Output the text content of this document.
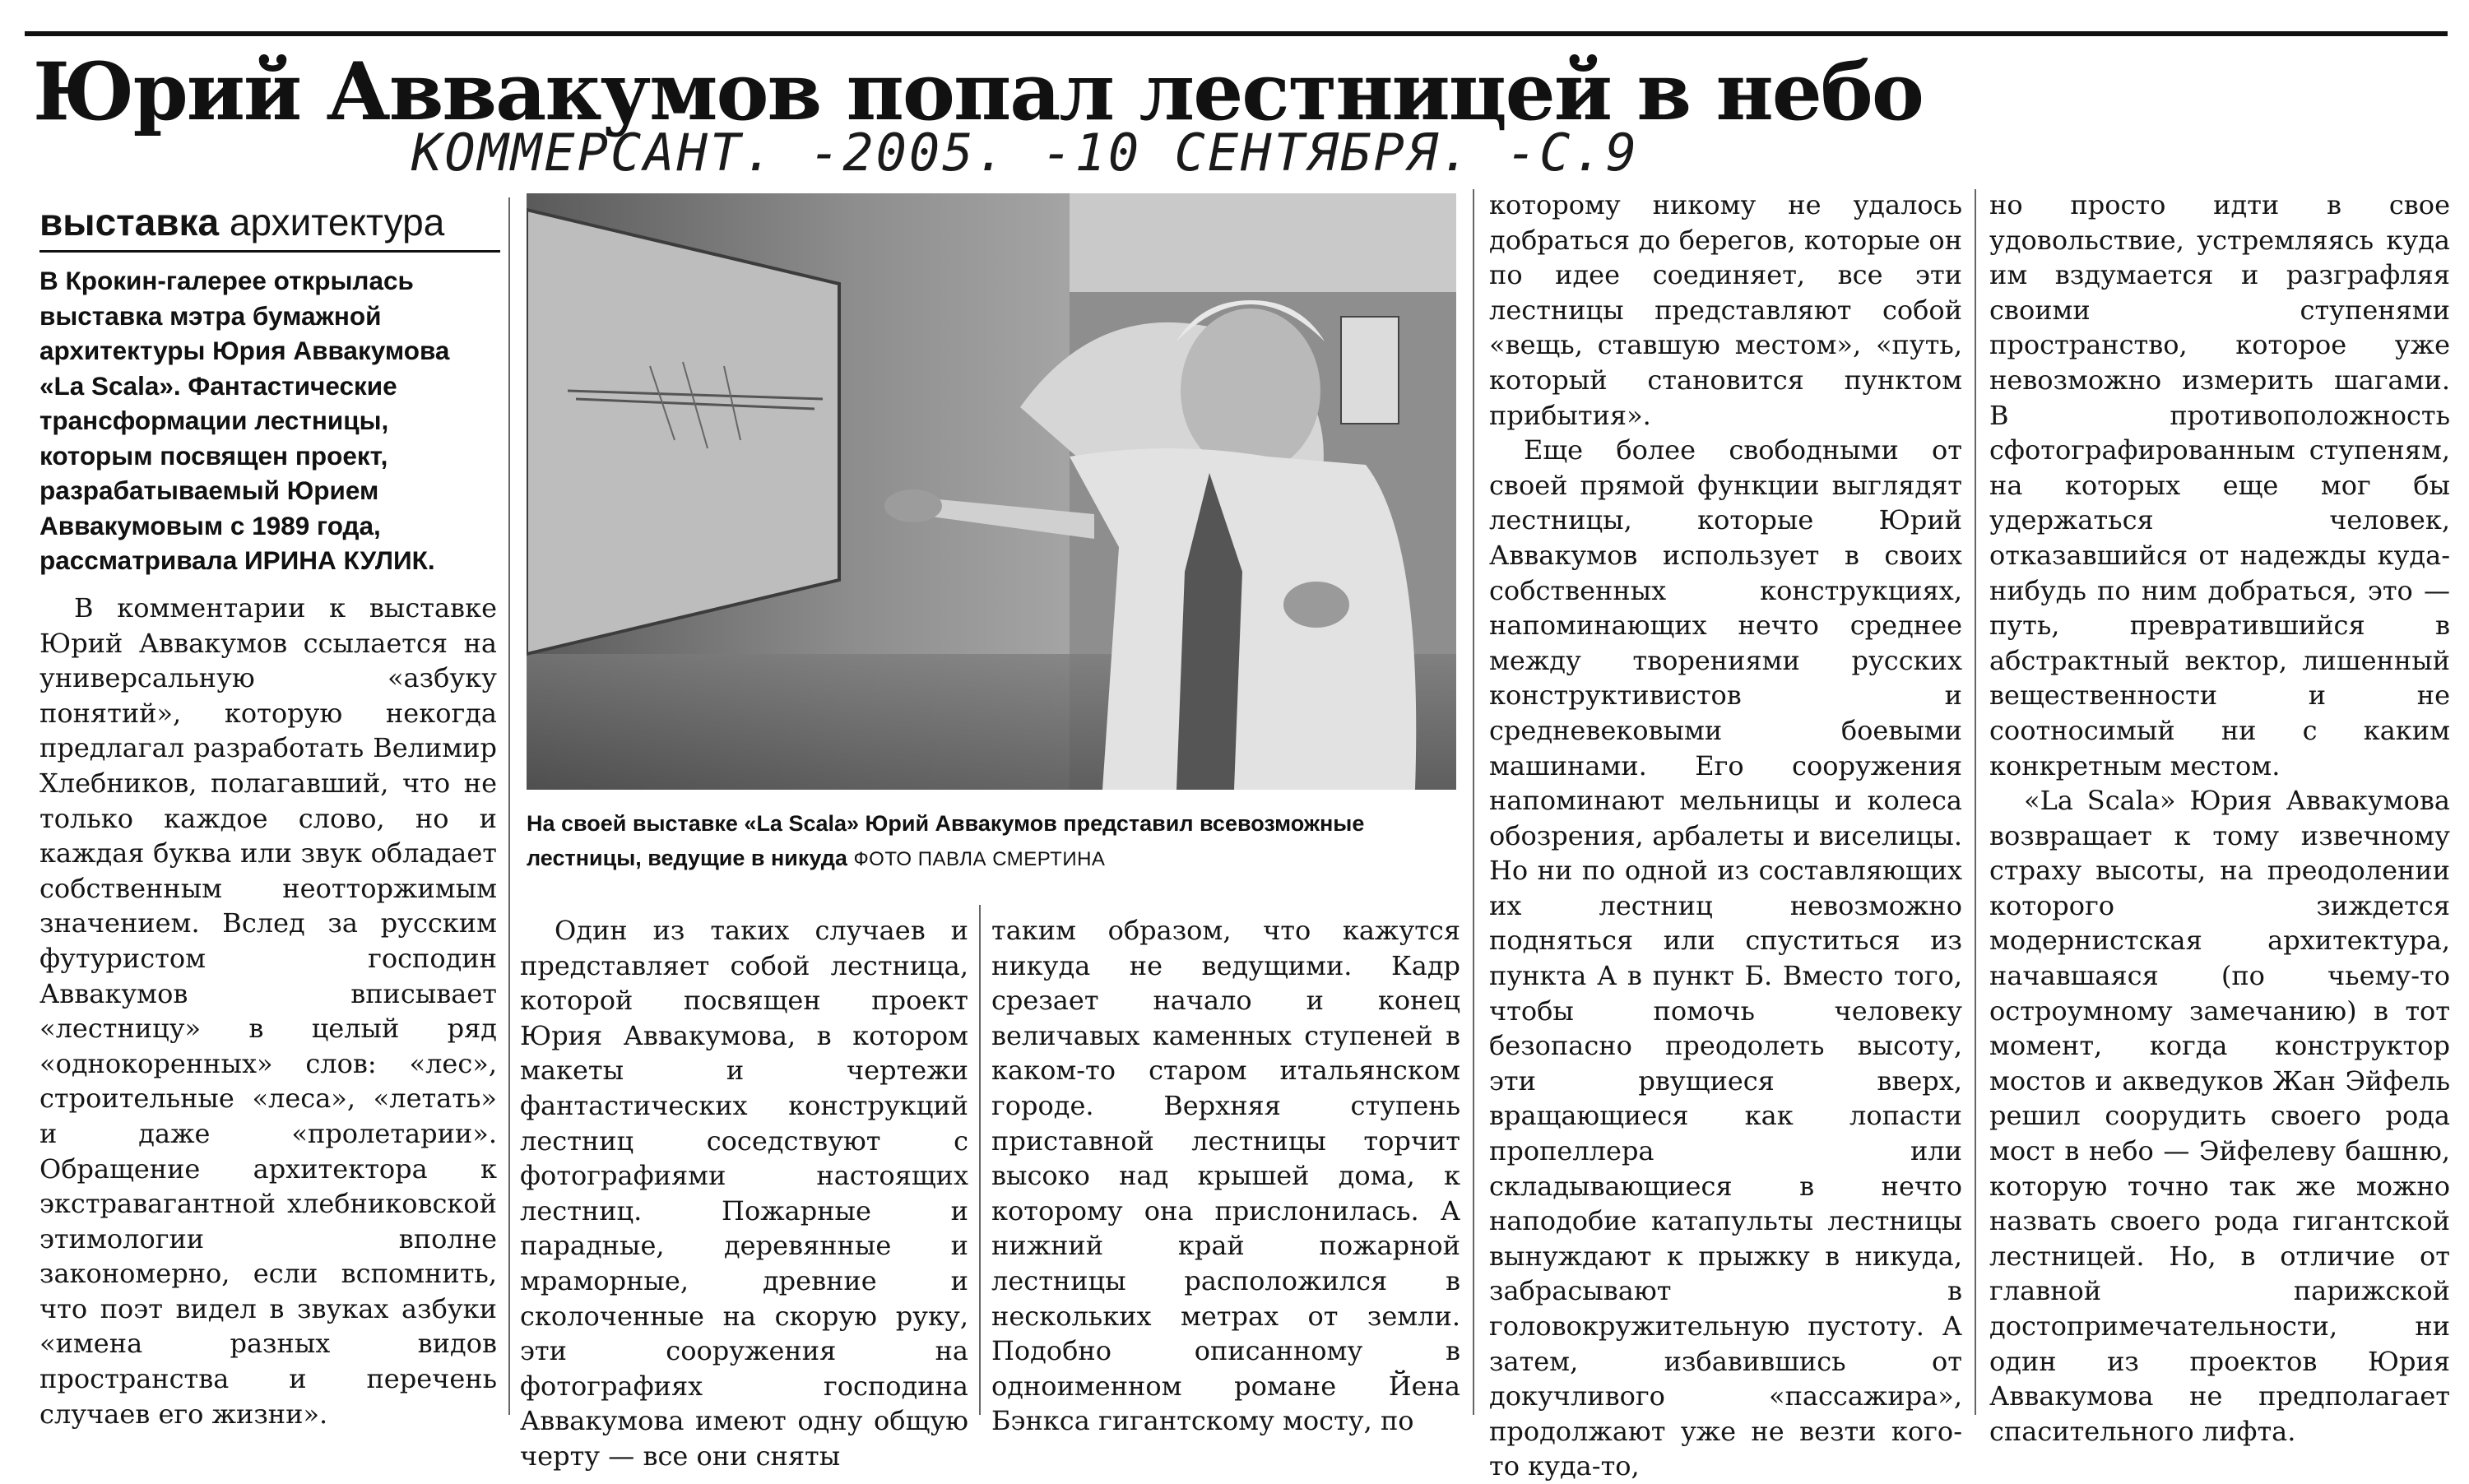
Юрий Аввакумов попал лестницей в небо
КОММЕРСАНТ. -2005. -10 СЕНТЯБРЯ. -С.9
выставка архитектура
В Крокин-галерее открылась выставка мэтра бумажной архитектуры Юрия Аввакумова «La Scala». Фантастические трансформации лестницы, которым посвящен проект, разрабатываемый Юрием Аввакумовым с 1989 года, рассматривала ИРИНА КУЛИК.

В комментарии к выставке Юрий Аввакумов ссылается на универсальную «азбуку понятий», которую некогда предлагал разработать Велимир Хлебников, полагавший, что не только каждое слово, но и каждая буква или звук обладает собственным неотторжимым значением. Вслед за русским футуристом господин Аввакумов вписывает «лестницу» в целый ряд «однокоренных» слов: «лес», строительные «леса», «летать» и даже «пролетарии». Обращение архитектора к экстравагантной хлебниковской этимологии вполне закономерно, если вспомнить, что поэт видел в звуках азбуки «имена разных видов пространства и перечень случаев его жизни».

На своей выставке «La Scala» Юрий Аввакумов представил всевозможные лестницы, ведущие в никуда ФОТО ПАВЛА СМЕРТИНА

Один из таких случаев и представляет собой лестница, которой посвящен проект Юрия Аввакумова, в котором макеты и чертежи фантастических конструкций лестниц соседствуют с фотографиями настоящих лестниц. Пожарные и парадные, деревянные и мраморные, древние и сколоченные на скорую руку, эти сооружения на фотографиях господина Аввакумова имеют одну общую черту — все они сняты

таким образом, что кажутся никуда не ведущими. Кадр срезает начало и конец величавых каменных ступеней в каком-то старом итальянском городе. Верхняя ступень приставной лестницы торчит высоко над крышей дома, к которому она прислонилась. А нижний край пожарной лестницы расположился в нескольких метрах от земли. Подобно описанному в одноименном романе Йена Бэнкса гигантскому мосту, по

которому никому не удалось добраться до берегов, которые он по идее соединяет, все эти лестницы представляют собой «вещь, ставшую местом», «путь, который становится пунктом прибытия».

Еще более свободными от своей прямой функции выглядят лестницы, которые Юрий Аввакумов использует в своих собственных конструкциях, напоминающих нечто среднее между творениями русских конструктивистов и средневековыми боевыми машинами. Его сооружения напоминают мельницы и колеса обозрения, арбалеты и виселицы. Но ни по одной из составляющих их лестниц невозможно подняться или спуститься из пункта А в пункт Б. Вместо того, чтобы помочь человеку безопасно преодолеть высоту, эти рвущиеся вверх, вращающиеся как лопасти пропеллера или складывающиеся в нечто наподобие катапульты лестницы вынуждают к прыжку в никуда, забрасывают в головокружительную пустоту. А затем, избавившись от докучливого «пассажира», продолжают уже не везти кого-то куда-то,

но просто идти в свое удовольствие, устремляясь куда им вздумается и разграфляя своими ступенями пространство, которое уже невозможно измерить шагами. В противоположность сфотографированным ступеням, на которых еще мог бы удержаться человек, отказавшийся от надежды куда-нибудь по ним добраться, это — путь, превратившийся в абстрактный вектор, лишенный вещественности и не соотносимый ни с каким конкретным местом.

«La Scala» Юрия Аввакумова возвращает к тому извечному страху высоты, на преодолении которого зиждется модернистская архитектура, начавшаяся (по чьему-то остроумному замечанию) в тот момент, когда конструктор мостов и акведуков Жан Эйфель решил соорудить своего рода мост в небо — Эйфелеву башню, которую точно так же можно назвать своего рода гигантской лестницей. Но, в отличие от главной парижской достопримечательности, ни один из проектов Юрия Аввакумова не предполагает спасительного лифта.
